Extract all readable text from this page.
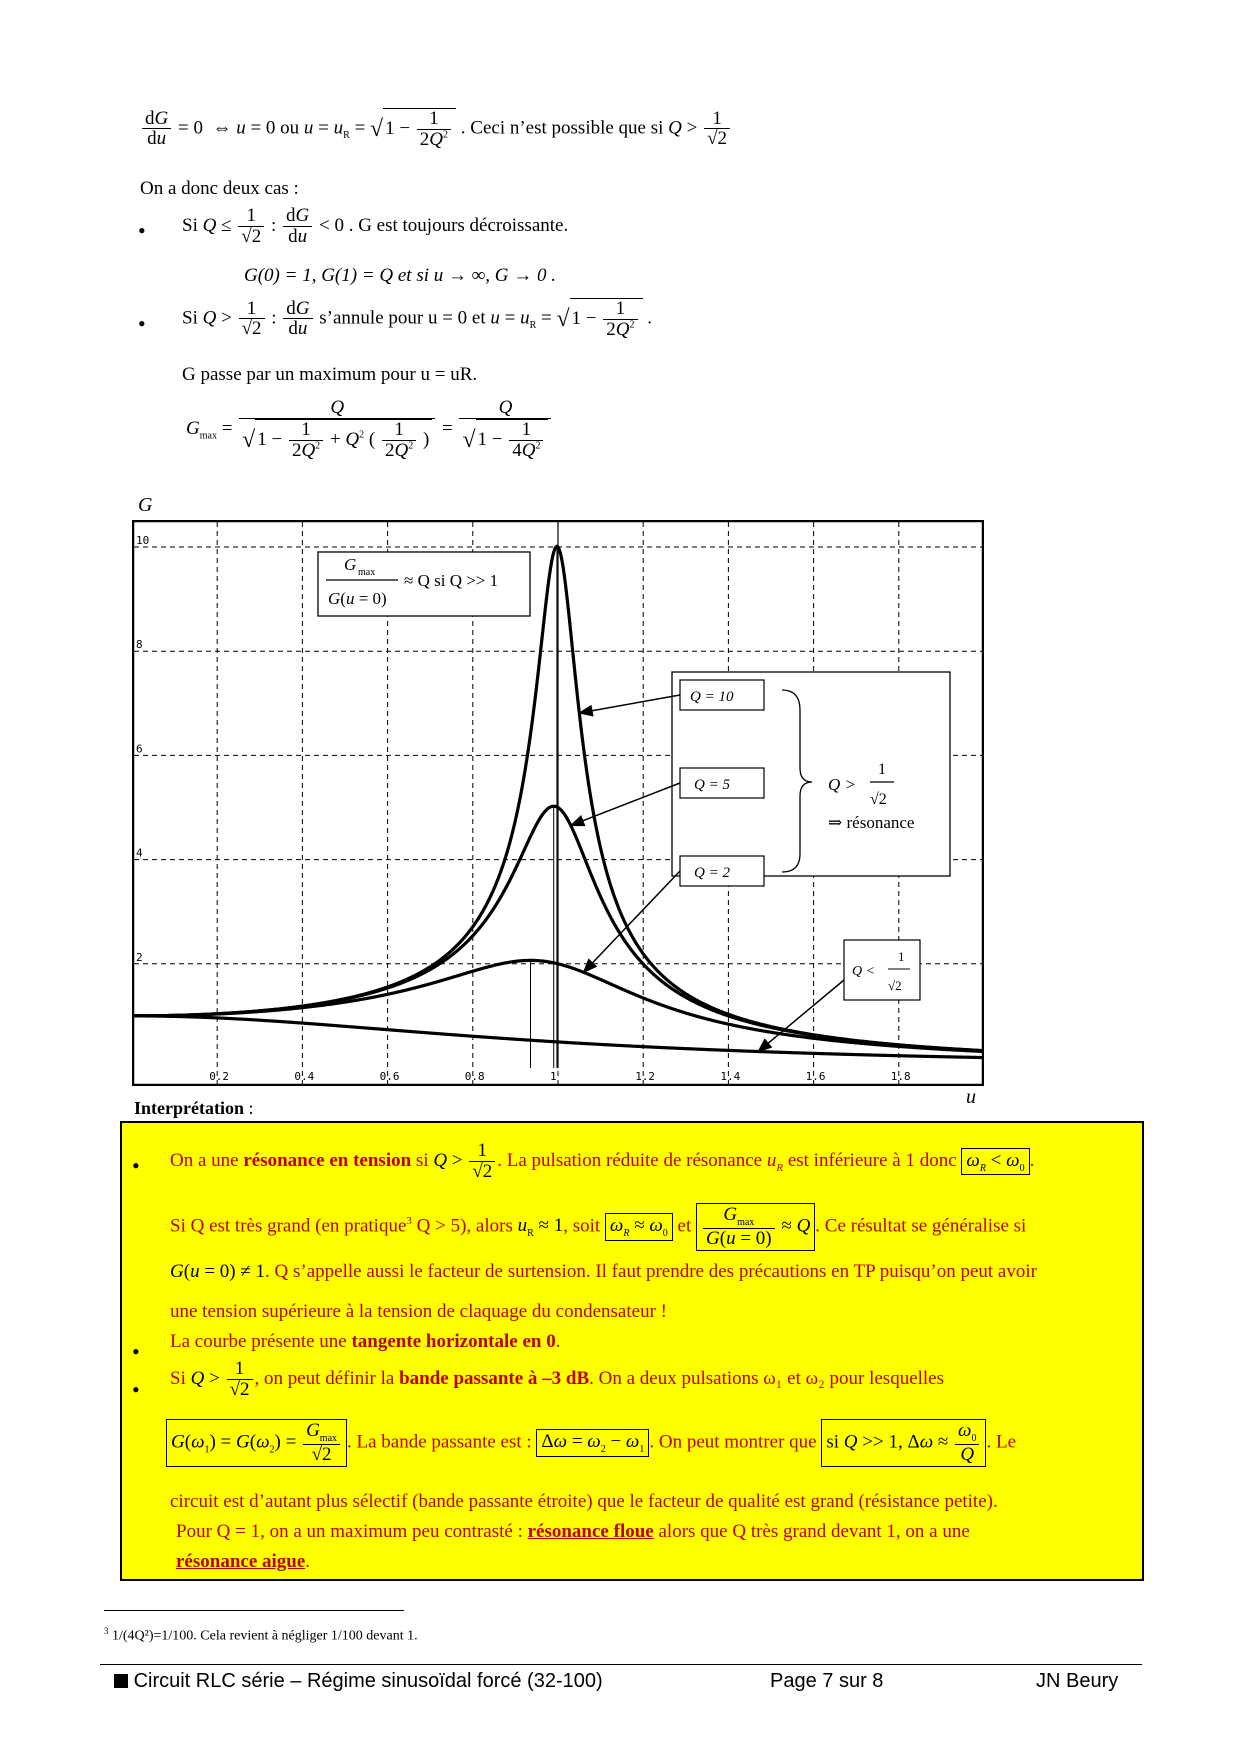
$\frac{dG}{du} = 0$  ⇔ u = 0 ou $u = u_R$ = √ $1 - \frac{1}{2Q^2}$ . Ceci n’est possible que si $Q > \frac{1}{√2}$
On a donc deux cas :
• Si $Q \le \frac{1}{√2}$ : $\frac{dG}{du} < 0$ . G est toujours décroissante.
G(0) = 1, G(1) = Q et si u → ∞, G → 0 .
• Si $Q > \frac{1}{√2}$ : $\frac{dG}{du}$ s’annule pour u = 0 et $u = u_R$ = √ $1 - \frac{1}{2Q^2}$ .
G passe par un maximum pour u = uR.
$G_{max} = \frac{Q}{√ 1 - \frac{1}{2Q^2} + Q^2 ( \frac{1}{2Q^2} )} = \frac{Q}{√ 1 - \frac{1}{4Q^2}}$
G
u
0.2	0.4	0.6	0.8	1	1.2	1.4	1.6	1.8
2
4
6
8
10
G max
G(u = 0)
≈ Q si Q >> 1
Q = 10
Q = 5
Q = 2
Q >
1
√2
⇒ résonance
Q <
1
√2
Interprétation :
• On a une résonance en tension si $Q > \frac{1}{√2}$ . La pulsation réduite de résonance $u_R$ est inférieure à 1 donc $\omega_R < \omega_0$ .
Si Q est très grand (en pratique$^3$ Q > 5), alors $u_R \approx 1$, soit $\omega_R \approx \omega_0$ et $\frac{G_{max}}{G(u = 0)} \approx Q$ . Ce résultat se généralise si
G(u = 0) ≠ 1. Q s’appelle aussi le facteur de surtension. Il faut prendre des précautions en TP puisqu’on peut avoir
une tension supérieure à la tension de claquage du condensateur !
• La courbe présente une tangente horizontale en 0.
• Si $Q > \frac{1}{√2}$ , on peut définir la bande passante à –3 dB. On a deux pulsations ω₁ et ω₂ pour lesquelles
$G(\omega_1) = G(\omega_2) = \frac{G_{max}}{√2}$ . La bande passante est : $\Delta\omega = \omega_2 - \omega_1$ . On peut montrer que si Q >> 1, $\Delta\omega \approx \frac{\omega_0}{Q}$ . Le
circuit est d’autant plus sélectif (bande passante étroite) que le facteur de qualité est grand (résistance petite).
Pour Q = 1, on a un maximum peu contrasté : résonance floue alors que Q très grand devant 1, on a une
résonance aigue.
$^3$ 1/(4Q²)=1/100. Cela revient à négliger 1/100 devant 1.
Circuit RLC série – Régime sinusoïdal forcé (32-100)	Page 7 sur 8	JN Beury
